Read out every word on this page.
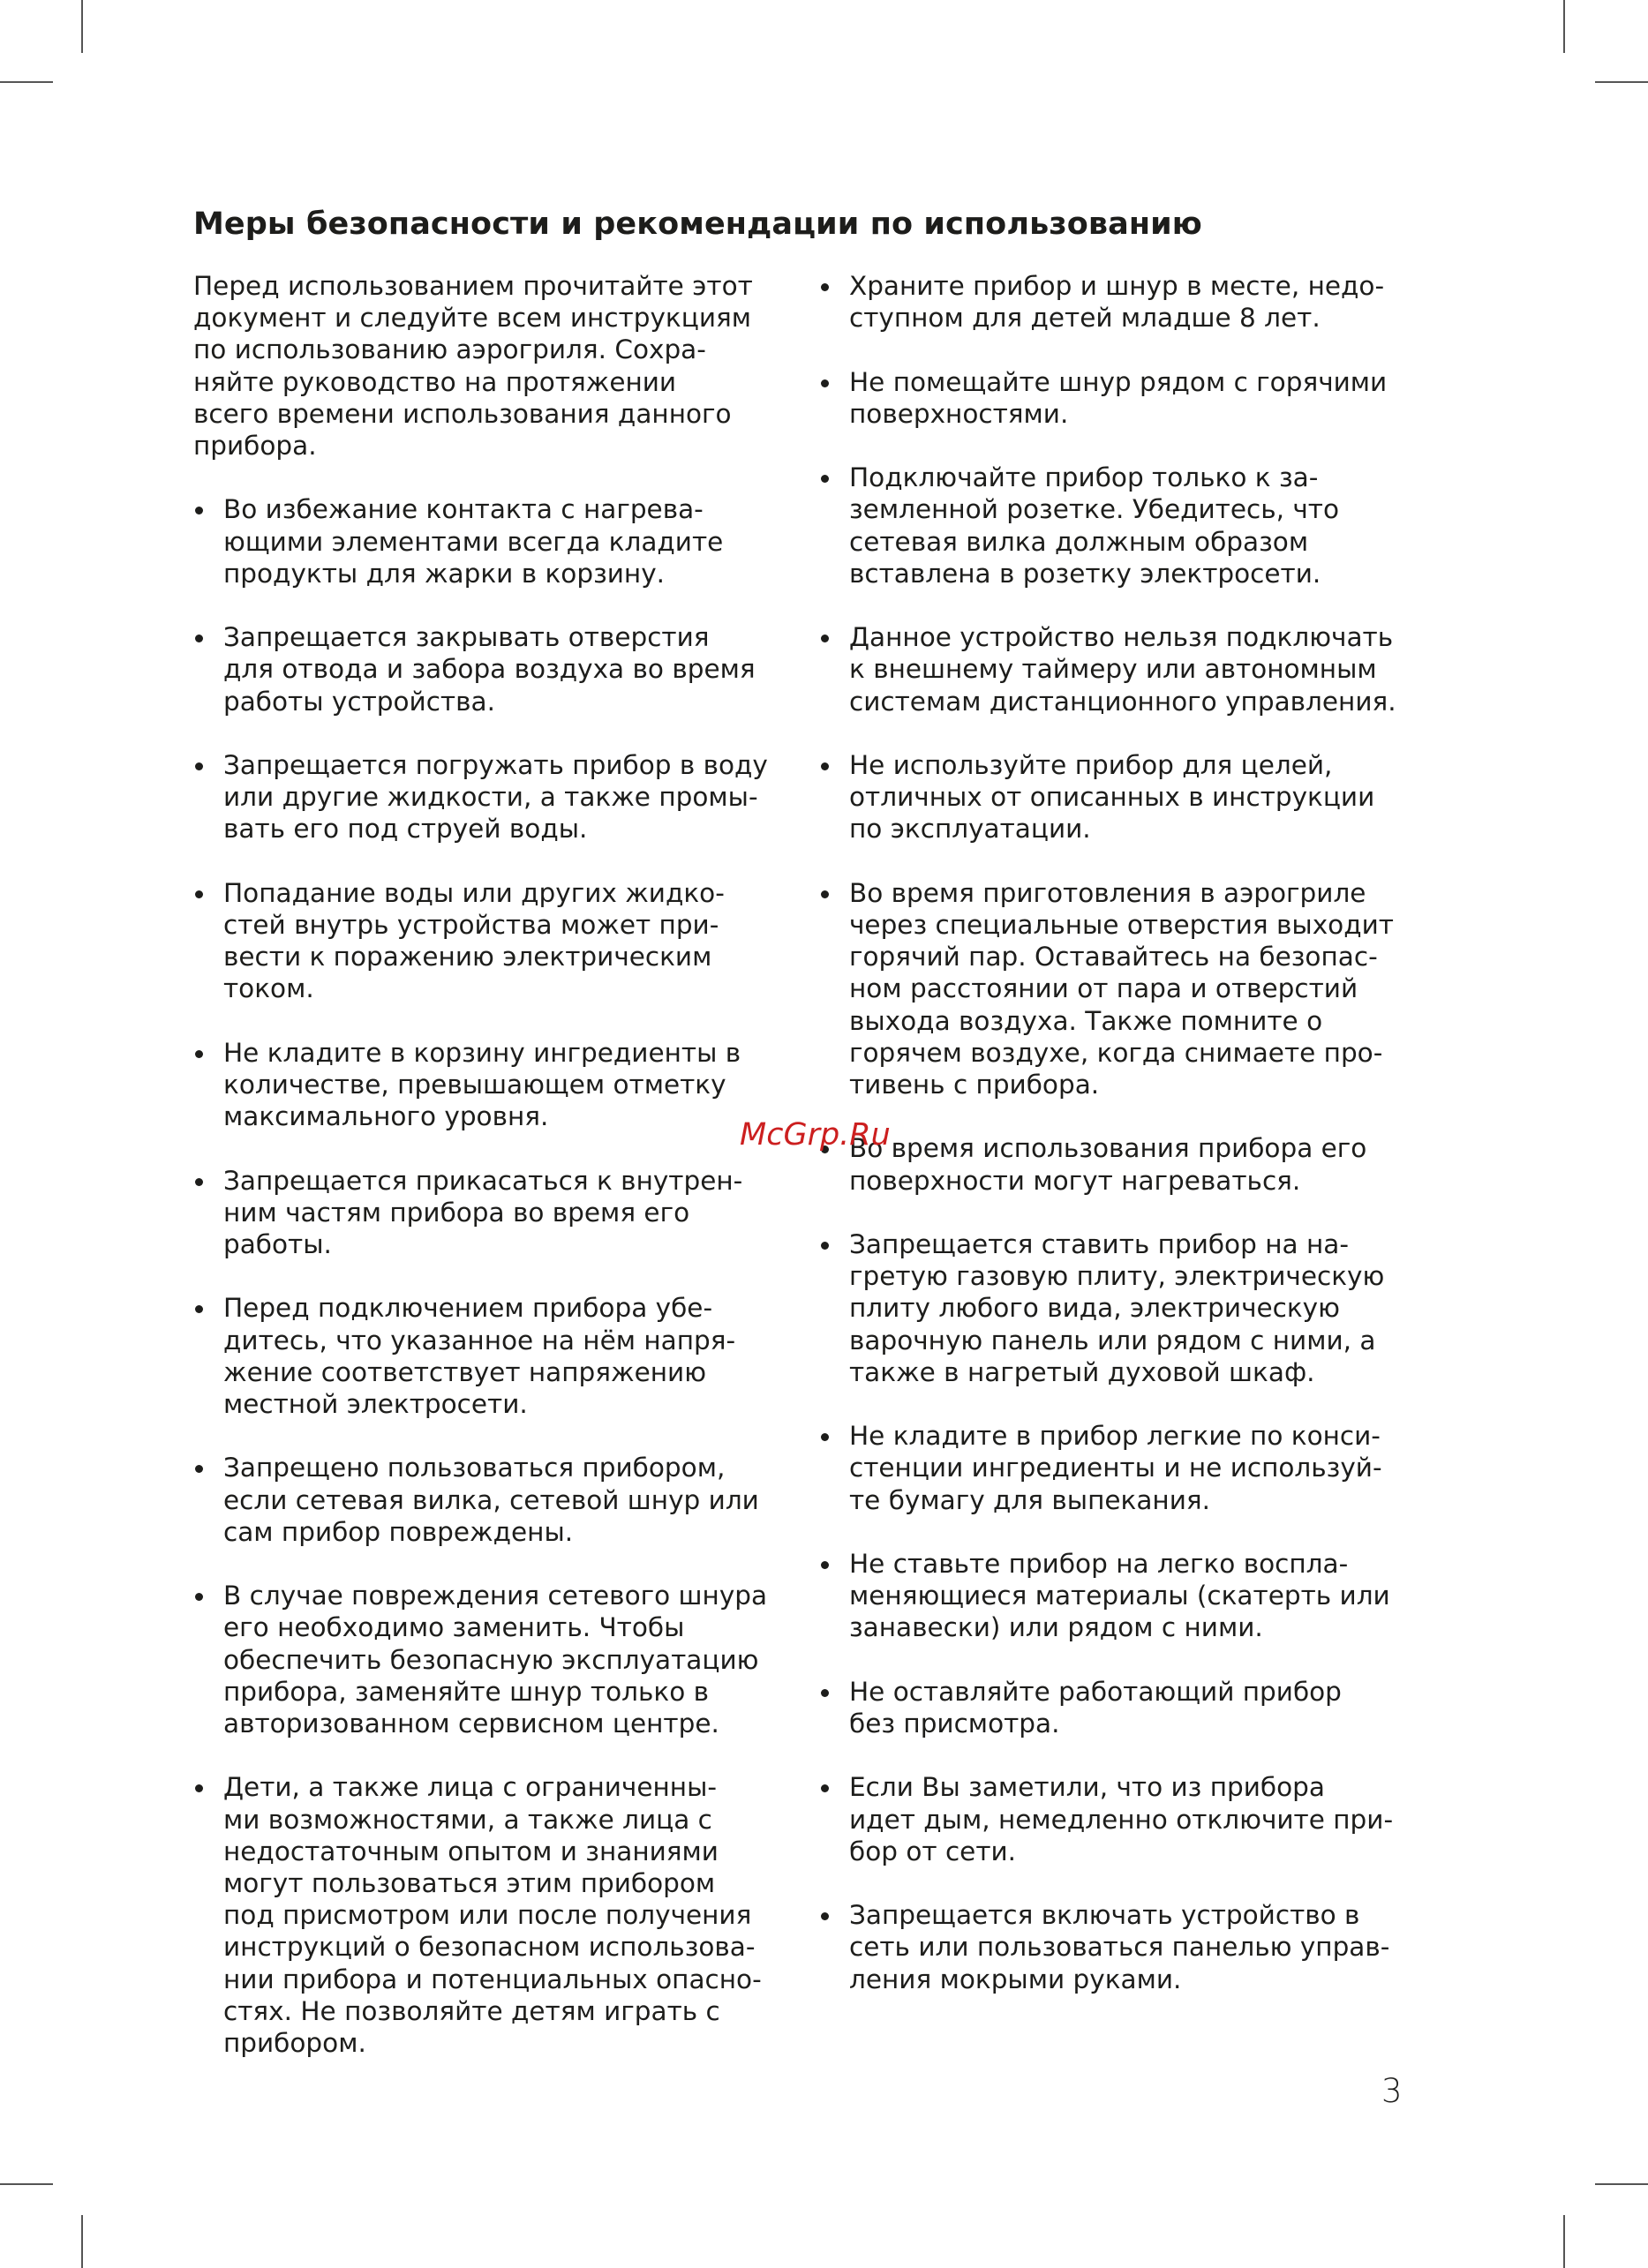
Меры безопасности и рекомендации по использованию

Перед использованием прочитайте этот
документ и следуйте всем инструкциям
по использованию аэрогриля. Сохра-
няйте руководство на протяжении
всего времени использования данного
прибора.

Во избежание контакта с нагрева-
ющими элементами всегда кладите
продукты для жарки в корзину.
Запрещается закрывать отверстия
для отвода и забора воздуха во время
работы устройства.
Запрещается погружать прибор в воду
или другие жидкости, а также промы-
вать его под струей воды.
Попадание воды или других жидко-
стей внутрь устройства может при-
вести к поражению электрическим
током.
Не кладите в корзину ингредиенты в
количестве, превышающем отметку
максимального уровня.
Запрещается прикасаться к внутрен-
ним частям прибора во время его
работы.
Перед подключением прибора убе-
дитесь, что указанное на нём напря-
жение соответствует напряжению
местной электросети.
Запрещено пользоваться прибором,
если сетевая вилка, сетевой шнур или
сам прибор повреждены.
В случае повреждения сетевого шнура
его необходимо заменить. Чтобы
обеспечить безопасную эксплуатацию
прибора, заменяйте шнур только в
авторизованном сервисном центре.
Дети, а также лица с ограниченны-
ми возможностями, а также лица с
недостаточным опытом и знаниями
могут пользоваться этим прибором
под присмотром или после получения
инструкций о безопасном использова-
нии прибора и потенциальных опасно-
стях. Не позволяйте детям играть с
прибором.
Храните прибор и шнур в месте, недо-
ступном для детей младше 8 лет.
Не помещайте шнур рядом с горячими
поверхностями.
Подключайте прибор только к за-
земленной розетке. Убедитесь, что
сетевая вилка должным образом
вставлена в розетку электросети.
Данное устройство нельзя подключать
к внешнему таймеру или автономным
системам дистанционного управления.
Не используйте прибор для целей,
отличных от описанных в инструкции
по эксплуатации.
Во время приготовления в аэрогриле
через специальные отверстия выходит
горячий пар. Оставайтесь на безопас-
ном расстоянии от пара и отверстий
выхода воздуха. Также помните о
горячем воздухе, когда снимаете про-
тивень с прибора.
Во время использования прибора его
поверхности могут нагреваться.
Запрещается ставить прибор на на-
гретую газовую плиту, электрическую
плиту любого вида, электрическую
варочную панель или рядом с ними, а
также в нагретый духовой шкаф.
Не кладите в прибор легкие по конси-
стенции ингредиенты и не используй-
те бумагу для выпекания.
Не ставьте прибор на легко воспла-
меняющиеся материалы (скатерть или
занавески) или рядом с ними.
Не оставляйте работающий прибор
без присмотра.
Если Вы заметили, что из прибора
идет дым, немедленно отключите при-
бор от сети.
Запрещается включать устройство в
сеть или пользоваться панелью управ-
ления мокрыми руками.
McGrp.Ru
3
